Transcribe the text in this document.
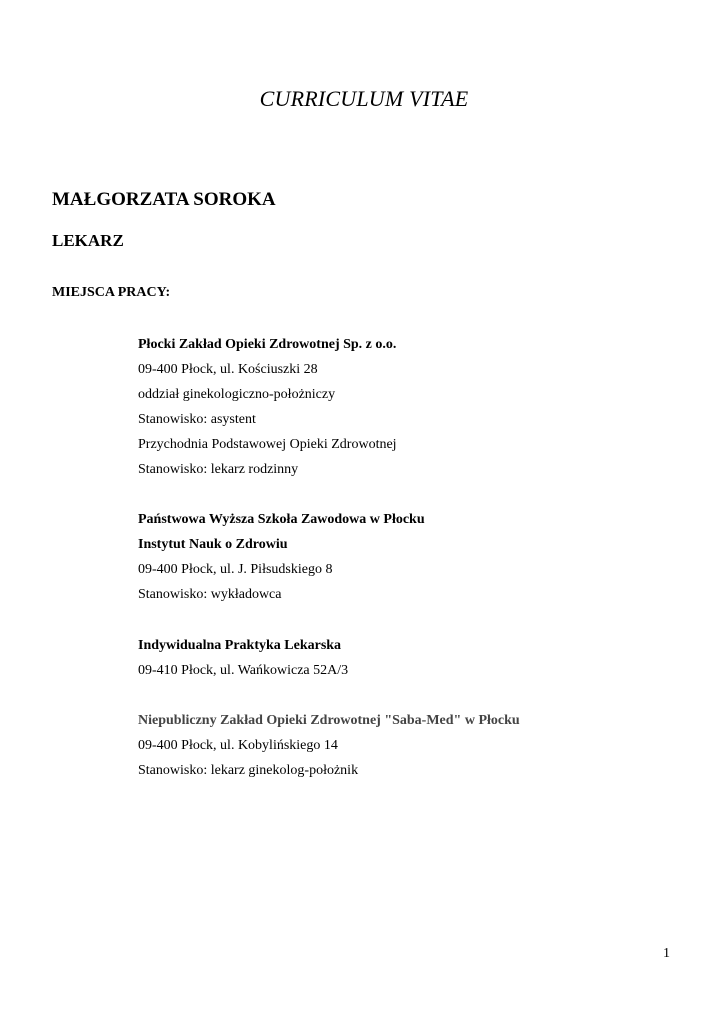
CURRICULUM VITAE
MAŁGORZATA SOROKA
LEKARZ
MIEJSCA PRACY:
Płocki Zakład Opieki Zdrowotnej Sp. z o.o.
09-400 Płock, ul. Kościuszki 28
oddział ginekologiczno-położniczy
Stanowisko: asystent
Przychodnia Podstawowej Opieki Zdrowotnej
Stanowisko: lekarz rodzinny
Państwowa Wyższa Szkoła Zawodowa w Płocku
Instytut Nauk o Zdrowiu
09-400 Płock, ul. J. Piłsudskiego 8
Stanowisko: wykładowca
Indywidualna Praktyka Lekarska
09-410 Płock, ul. Wańkowicza 52A/3
Niepubliczny Zakład Opieki Zdrowotnej "Saba-Med" w Płocku
09-400 Płock, ul. Kobylińskiego 14
Stanowisko: lekarz ginekolog-położnik
1
